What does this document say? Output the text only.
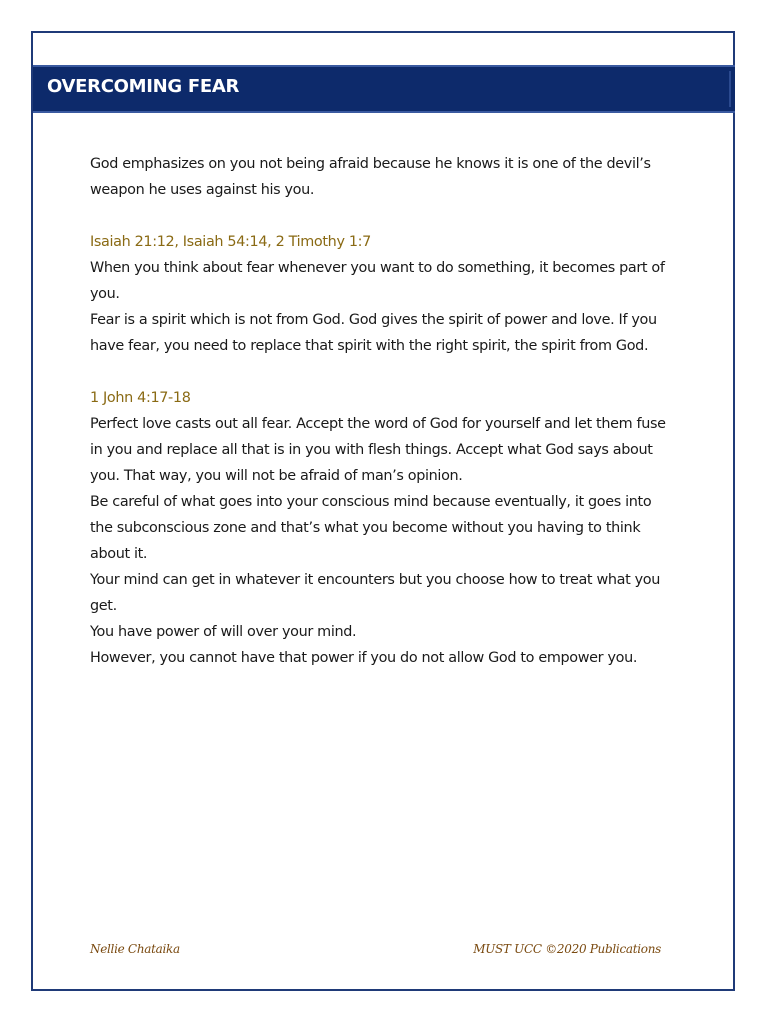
OVERCOMING FEAR

God emphasizes on you not being afraid because he knows it is one of the devil’s weapon he uses against his you.

Isaiah 21:12, Isaiah 54:14, 2 Timothy 1:7

When you think about fear whenever you want to do something, it becomes part of you.

Fear is a spirit which is not from God. God gives the spirit of power and love. If you have fear, you need to replace that spirit with the right spirit, the spirit from God.

1 John 4:17-18

Perfect love casts out all fear. Accept the word of God for yourself and let them fuse in you and replace all that is in you with flesh things. Accept what God says about you. That way, you will not be afraid of man’s opinion.

Be careful of what goes into your conscious mind because eventually, it goes into the subconscious zone and that’s what you become without you having to think about it.

Your mind can get in whatever it encounters but you choose how to treat what you get.

You have power of will over your mind.

However, you cannot have that power if you do not allow God to empower you.

Nellie Chataika	MUST UCC ©2020 Publications
